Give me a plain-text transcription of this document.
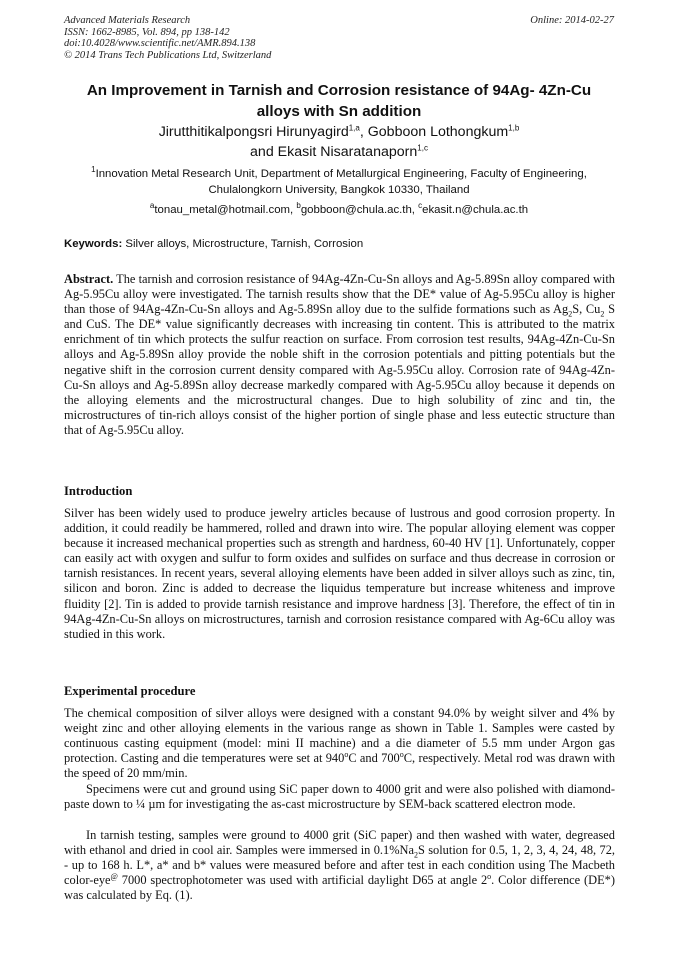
Advanced Materials Research
ISSN: 1662-8985, Vol. 894, pp 138-142
doi:10.4028/www.scientific.net/AMR.894.138
© 2014 Trans Tech Publications Ltd, Switzerland
Online: 2014-02-27
An Improvement in Tarnish and Corrosion resistance of 94Ag- 4Zn-Cu
alloys with Sn addition
Jirutthitikalpongsri Hirunyagird$^{1,a}$, Gobboon Lothongkum$^{1,b}$
and Ekasit Nisaratanaporn$^{1,c}$
$^1$Innovation Metal Research Unit, Department of Metallurgical Engineering, Faculty of Engineering,
Chulalongkorn University, Bangkok 10330, Thailand
$^a$tonau_metal@hotmail.com, $^b$gobboon@chula.ac.th, $^c$ekasit.n@chula.ac.th
Keywords: Silver alloys, Microstructure, Tarnish, Corrosion
Abstract. The tarnish and corrosion resistance of 94Ag-4Zn-Cu-Sn alloys and Ag-5.89Sn alloy compared with Ag-5.95Cu alloy were investigated. The tarnish results show that the DE* value of Ag-5.95Cu alloy is higher than those of 94Ag-4Zn-Cu-Sn alloys and Ag-5.89Sn alloy due to the sulfide formations such as $Ag_2S$, $Cu_2$ S and CuS. The DE* value significantly decreases with increasing tin content. This is attributed to the matrix enrichment of tin which protects the sulfur reaction on surface. From corrosion test results, 94Ag-4Zn-Cu-Sn alloys and Ag-5.89Sn alloy provide the noble shift in the corrosion potentials and pitting potentials but the negative shift in the corrosion current density compared with Ag-5.95Cu alloy. Corrosion rate of 94Ag-4Zn-Cu-Sn alloys and Ag-5.89Sn alloy decrease markedly compared with Ag-5.95Cu alloy because it depends on the alloying elements and the microstructural changes. Due to high solubility of zinc and tin, the microstructures of tin-rich alloys consist of the higher portion of single phase and less eutectic structure than that of Ag-5.95Cu alloy.
Introduction
Silver has been widely used to produce jewelry articles because of lustrous and good corrosion property. In addition, it could readily be hammered, rolled and drawn into wire. The popular alloying element was copper because it increased mechanical properties such as strength and hardness, 60-40 HV [1]. Unfortunately, copper can easily act with oxygen and sulfur to form oxides and sulfides on surface and thus decrease in corrosion or tarnish resistances. In recent years, several alloying elements have been added in silver alloys such as zinc, tin, silicon and boron. Zinc is added to decrease the liquidus temperature but increase whiteness and improve fluidity [2]. Tin is added to provide tarnish resistance and improve hardness [3]. Therefore, the effect of tin in 94Ag-4Zn-Cu-Sn alloys on microstructures, tarnish and corrosion resistance compared with Ag-6Cu alloy was studied in this work.
Experimental procedure
The chemical composition of silver alloys were designed with a constant 94.0% by weight silver and 4% by weight zinc and other alloying elements in the various range as shown in Table 1. Samples were casted by continuous casting equipment (model: mini II machine) and a die diameter of 5.5 mm under Argon gas protection. Casting and die temperatures were set at 940$^o$C and 700$^o$C, respectively. Metal rod was drawn with the speed of 20 mm/min.
Specimens were cut and ground using SiC paper down to 4000 grit and were also polished with diamond-paste down to ¼ µm for investigating the as-cast microstructure by SEM-back scattered electron mode.
In tarnish testing, samples were ground to 4000 grit (SiC paper) and then washed with water, degreased with ethanol and dried in cool air. Samples were immersed in $0.1\%Na_2S$ solution for 0.5, 1, 2, 3, 4, 24, 48, 72, - up to 168 h. L*, a* and b* values were measured before and after test in each condition using The Macbeth color-eye@ 7000 spectrophotometer was used with artificial daylight D65 at angle 2$^o$. Color difference (DE*) was calculated by Eq. (1).
